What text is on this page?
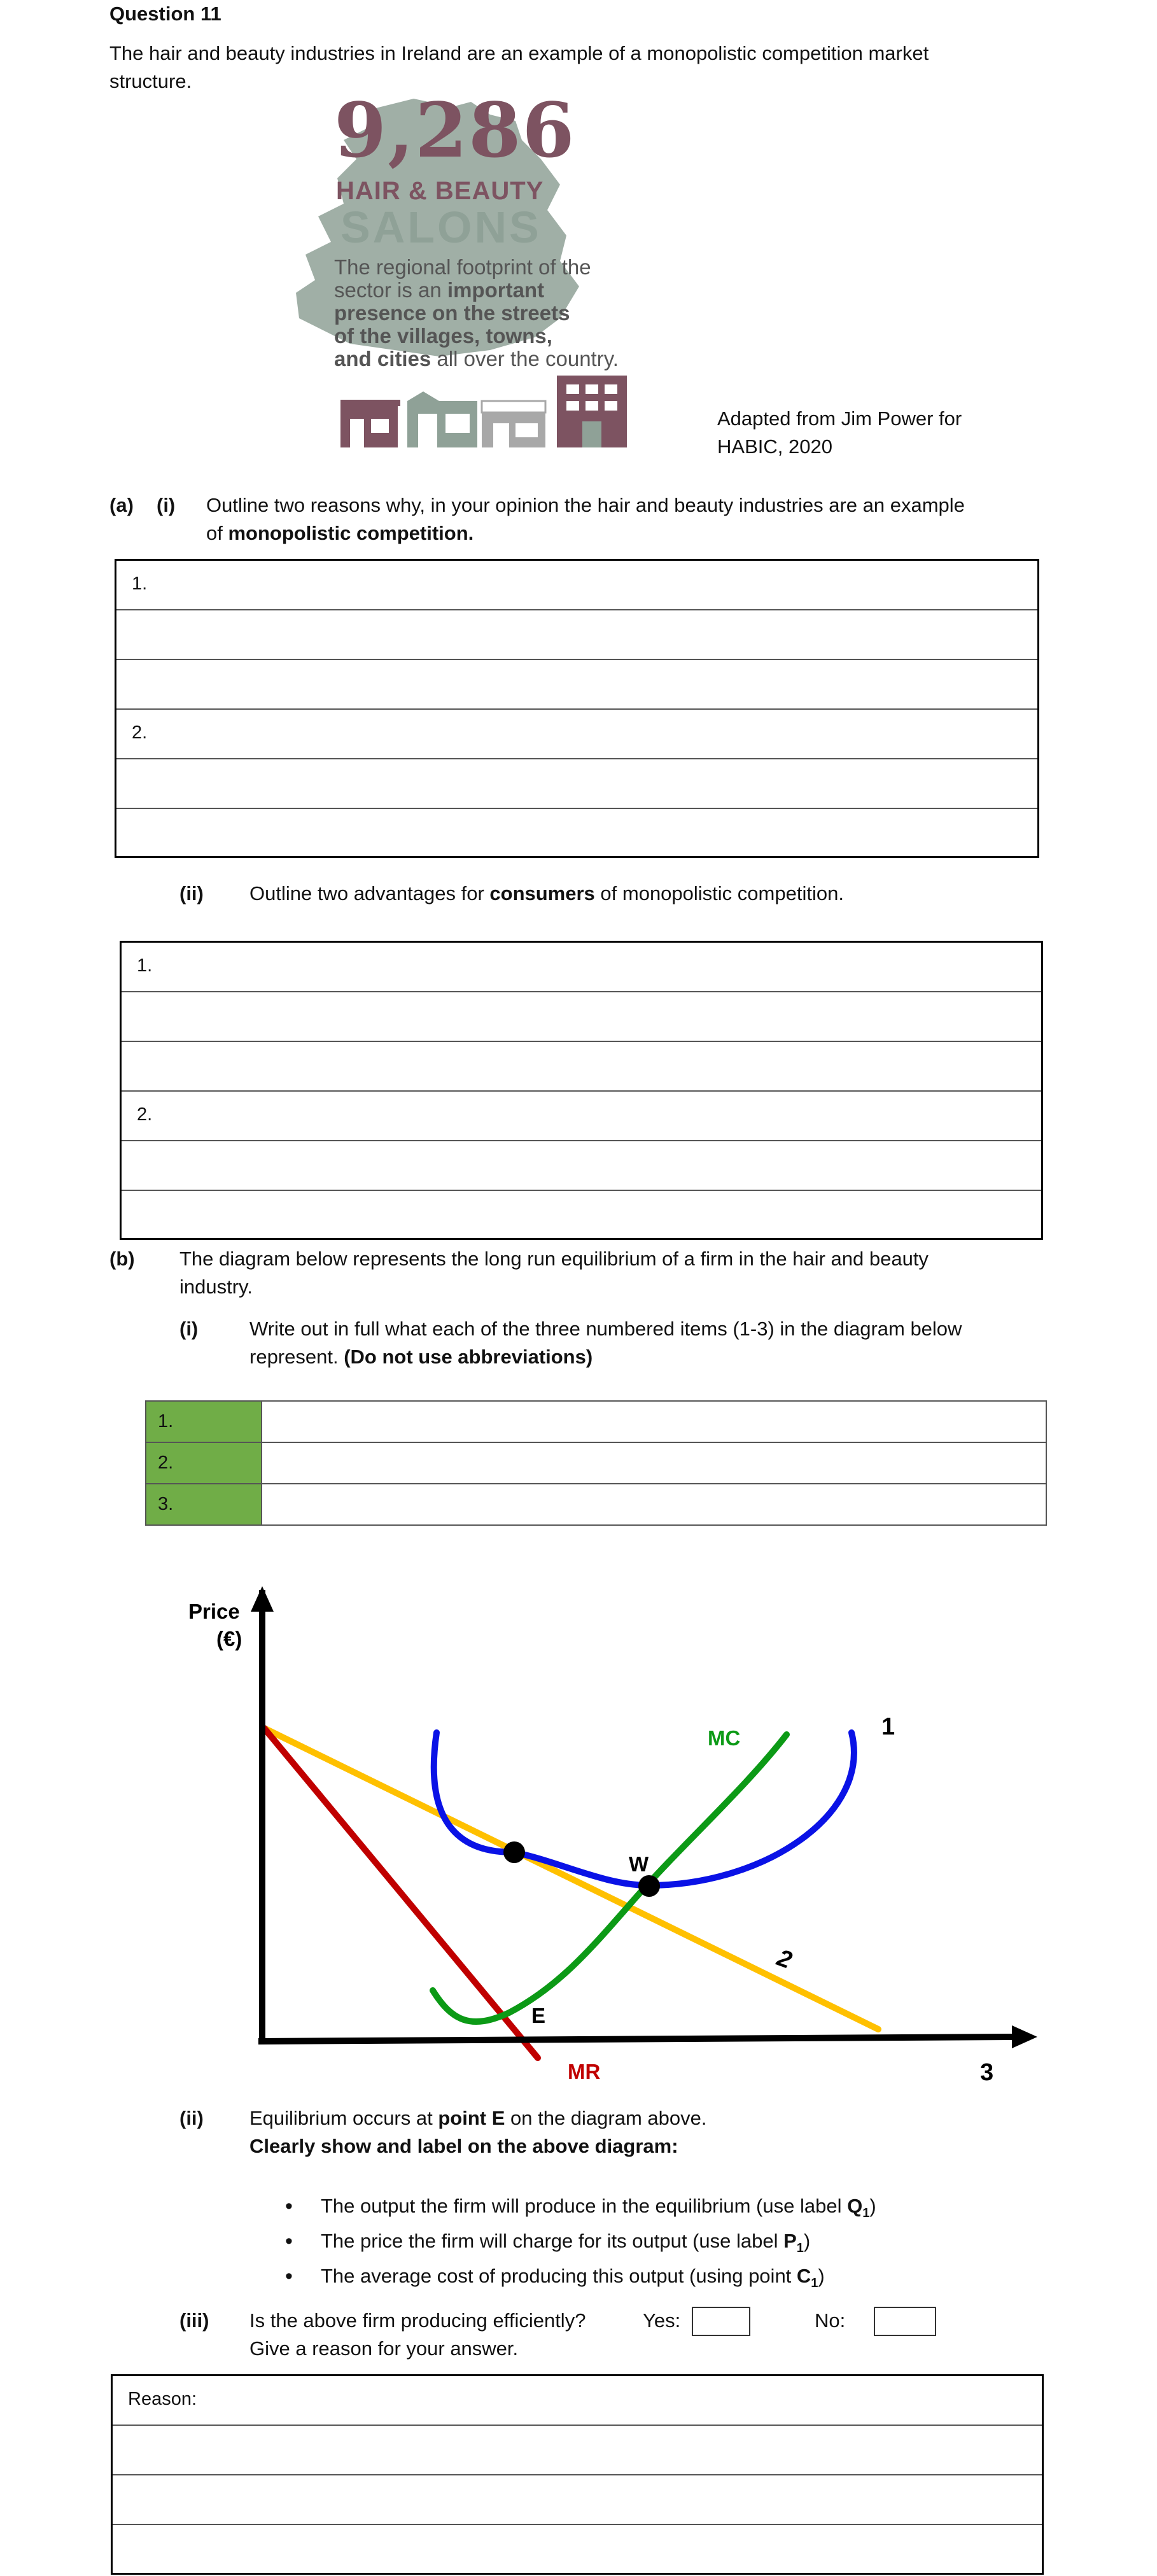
Question 11
The hair and beauty industries in Ireland are an example of a monopolistic competition market
structure.
9,286
HAIR & BEAUTY
SALONS
The regional footprint of the
sector is an important
presence on the streets
of the villages, towns,
and cities all over the country.
Adapted from Jim Power for
HABIC, 2020
(a) (i) Outline two reasons why, in your opinion the hair and beauty industries are an example
of monopolistic competition.
1.
2.
(ii) Outline two advantages for consumers of monopolistic competition.
1.
2.
(b) The diagram below represents the long run equilibrium of a firm in the hair and beauty
industry.
(i)	Write out in full what each of the three numbered items (1-3) in the diagram below
represent. (Do not use abbreviations)
1.	
2.	
3.	
Price
(€)
MC	1
W
2
E
MR	3
(ii) Equilibrium occurs at point E on the diagram above.
Clearly show and label on the above diagram:
• The output the firm will produce in the equilibrium (use label $Q_1$)
• The price the firm will charge for its output (use label $P_1$)
• The average cost of producing this output (using point $C_1$)
(iii) Is the above firm producing efficiently?	Yes:	No:
Give a reason for your answer.
Reason:
